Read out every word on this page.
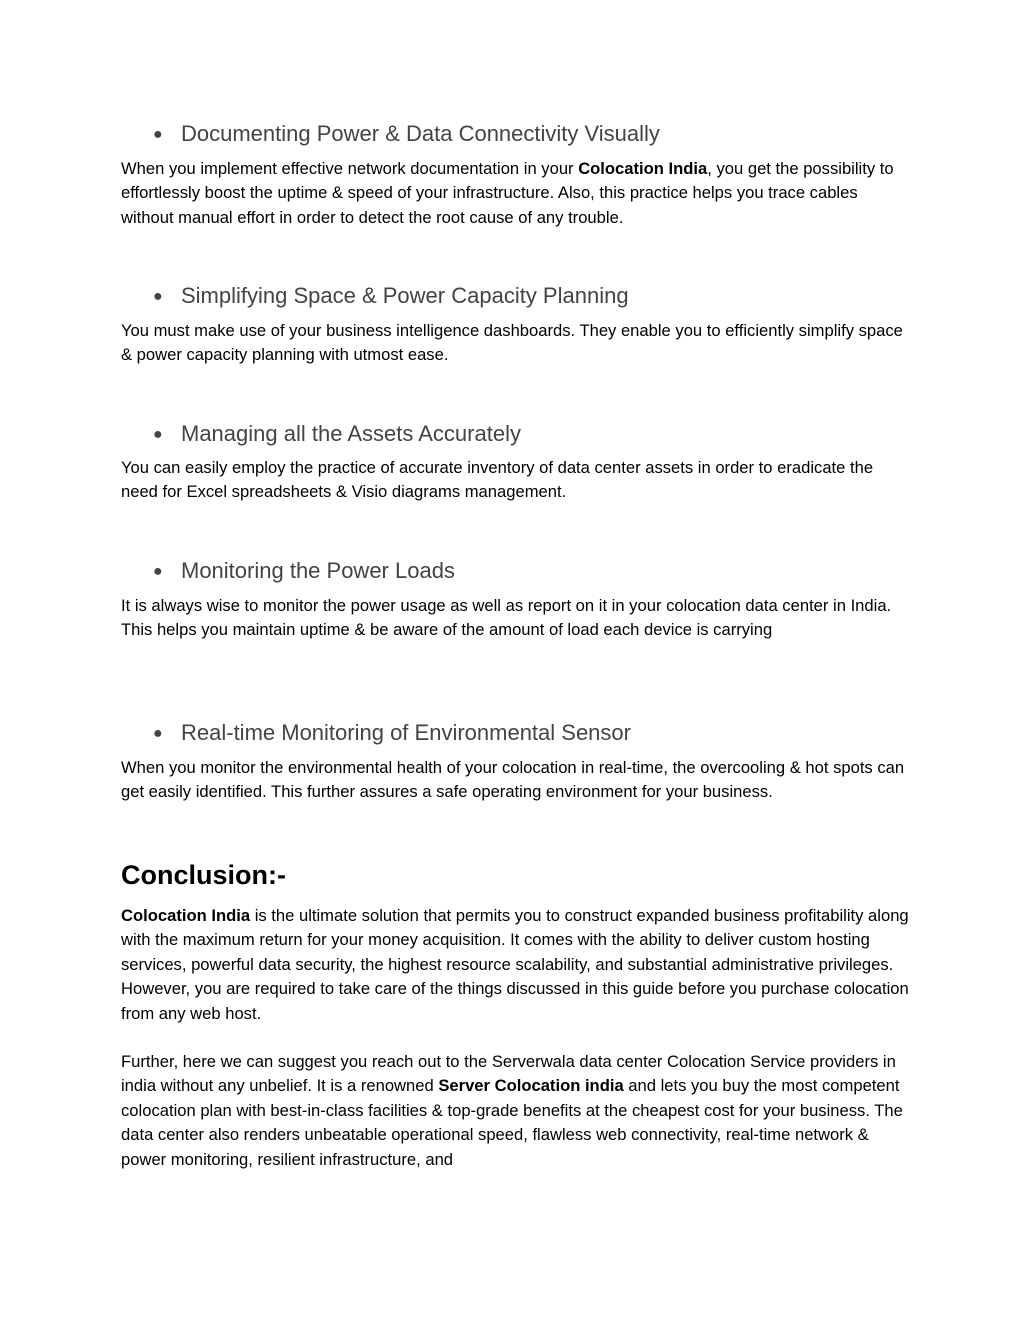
● Documenting Power & Data Connectivity Visually

When you implement effective network documentation in your Colocation India, you get the possibility to effortlessly boost the uptime & speed of your infrastructure. Also, this practice helps you trace cables without manual effort in order to detect the root cause of any trouble.

● Simplifying Space & Power Capacity Planning

You must make use of your business intelligence dashboards. They enable you to efficiently simplify space & power capacity planning with utmost ease.

● Managing all the Assets Accurately

You can easily employ the practice of accurate inventory of data center assets in order to eradicate the need for Excel spreadsheets & Visio diagrams management.

● Monitoring the Power Loads

It is always wise to monitor the power usage as well as report on it in your colocation data center in India. This helps you maintain uptime & be aware of the amount of load each device is carrying

● Real-time Monitoring of Environmental Sensor

When you monitor the environmental health of your colocation in real-time, the overcooling & hot spots can get easily identified. This further assures a safe operating environment for your business.

Conclusion:-

Colocation India is the ultimate solution that permits you to construct expanded business profitability along with the maximum return for your money acquisition. It comes with the ability to deliver custom hosting services, powerful data security, the highest resource scalability, and substantial administrative privileges. However, you are required to take care of the things discussed in this guide before you purchase colocation from any web host.

Further, here we can suggest you reach out to the Serverwala data center Colocation Service providers in india without any unbelief. It is a renowned Server Colocation india and lets you buy the most competent colocation plan with best-in-class facilities & top-grade benefits at the cheapest cost for your business. The data center also renders unbeatable operational speed, flawless web connectivity, real-time network & power monitoring, resilient infrastructure, and
